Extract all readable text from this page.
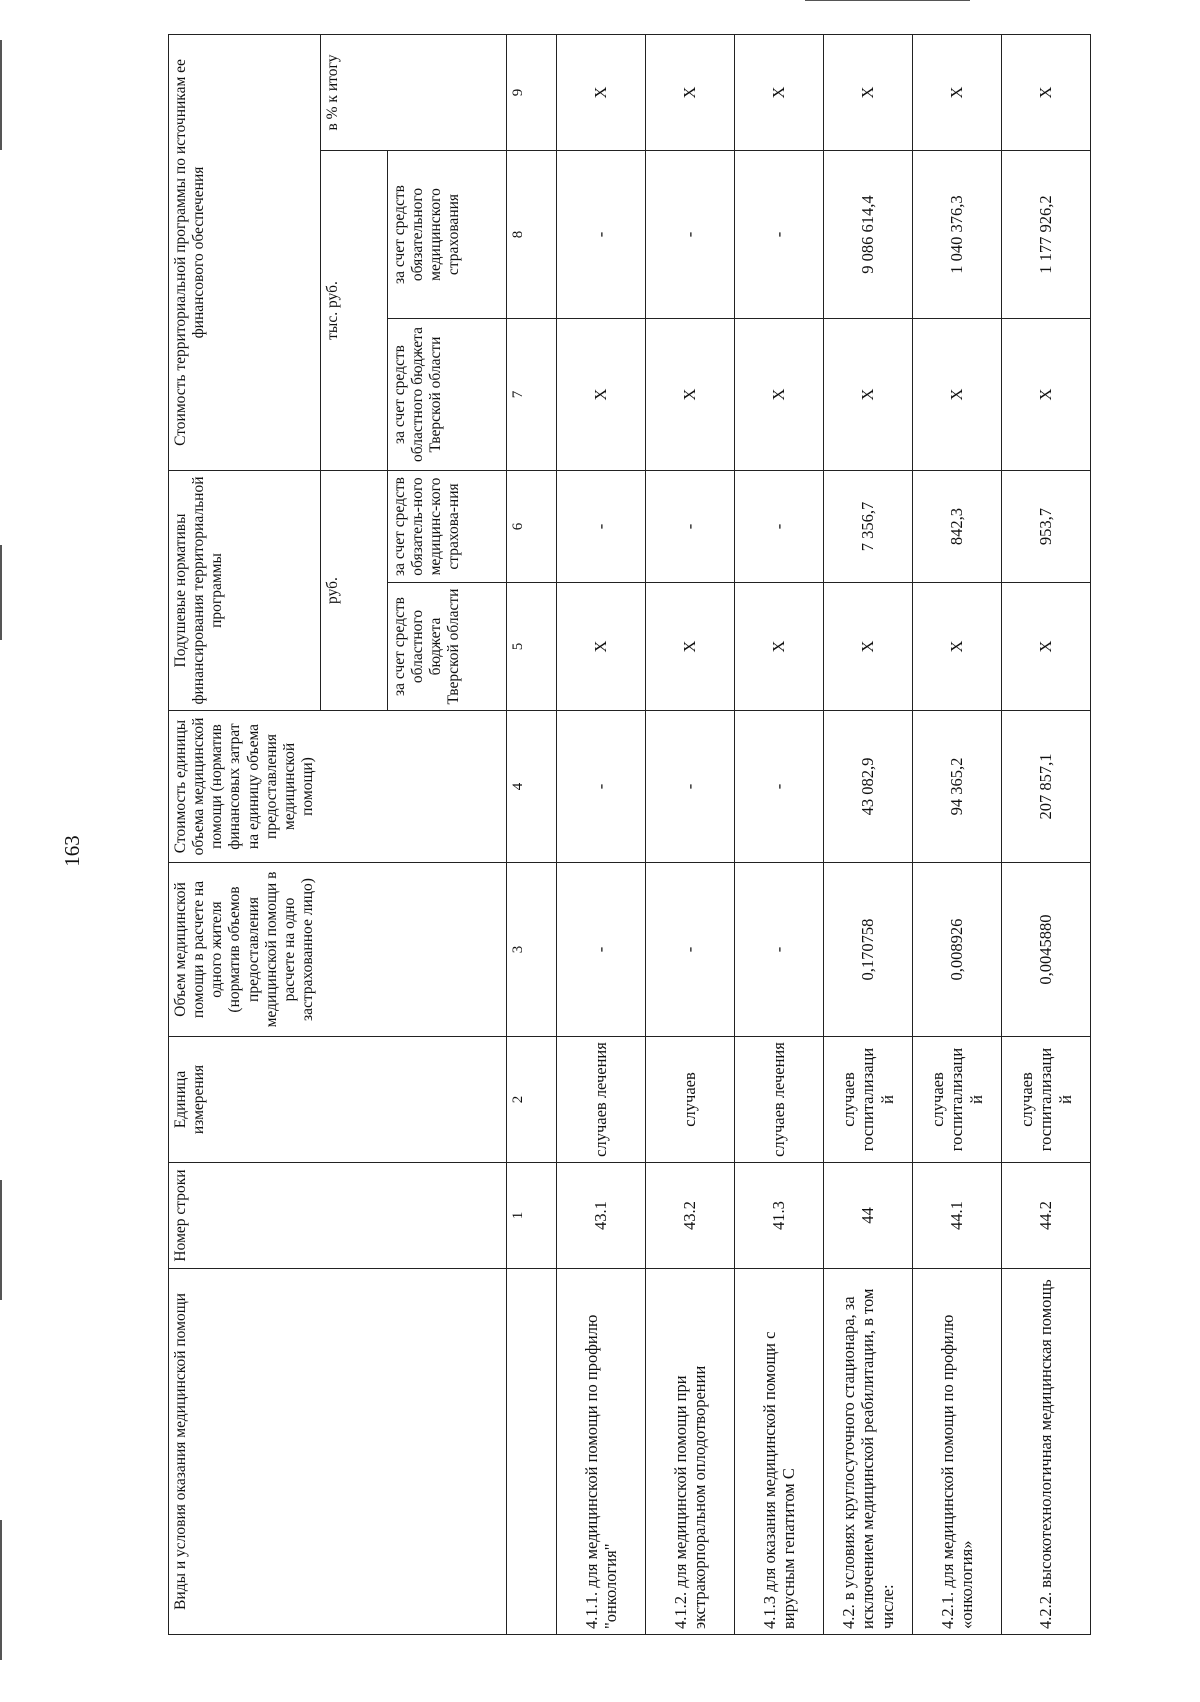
163
Виды и условия оказания медицинской помощи	Номер строки	Единица измерения	Объем медицинской помощи в расчете на одного жителя (норматив объемов предоставления медицинской помощи в расчете на одно застрахованное лицо)	Стоимость единицы объема медицинской помощи (норматив финансовых затрат на единицу объема предоставления медицинской помощи)	Подушевые нормативы финансирования территориальной программы		Стоимость территориальной программы по источникам ее финансового обеспечения		
					руб.		тыс. руб.		в % к итогу
					за счет средств областного бюджета Тверской области	за счет средств обязатель-ного медицинс-кого страхова-ния	за счет средств областного бюджета Тверской области	за счет средств обязательного медицинского страхования	
	1	2	3	4	5	6	7	8	9
4.1.1. для медицинской помощи по профилю "онкология"	43.1	случаев лечения	-	-	X	-	X	-	X
4.1.2. для медицинской помощи при экстракорпоральном оплодотворении	43.2	случаев	-	-	X	-	X	-	X
4.1.3 для оказания медицинской помощи с вирусным гепатитом С	41.3	случаев лечения	-	-	X	-	X	-	X
4.2. в условиях круглосуточного стационара, за исключением медицинской реабилитации, в том числе:	44	случаев госпитализаци й	0,170758	43 082,9	X	7 356,7	X	9 086 614,4	X
4.2.1. для медицинской помощи по профилю «онкология»	44.1	случаев госпитализаци й	0,008926	94 365,2	X	842,3	X	1 040 376,3	X
4.2.2. высокотехнологичная медицинская помощь	44.2	случаев госпитализаци й	0,0045880	207 857,1	X	953,7	X	1 177 926,2	X
